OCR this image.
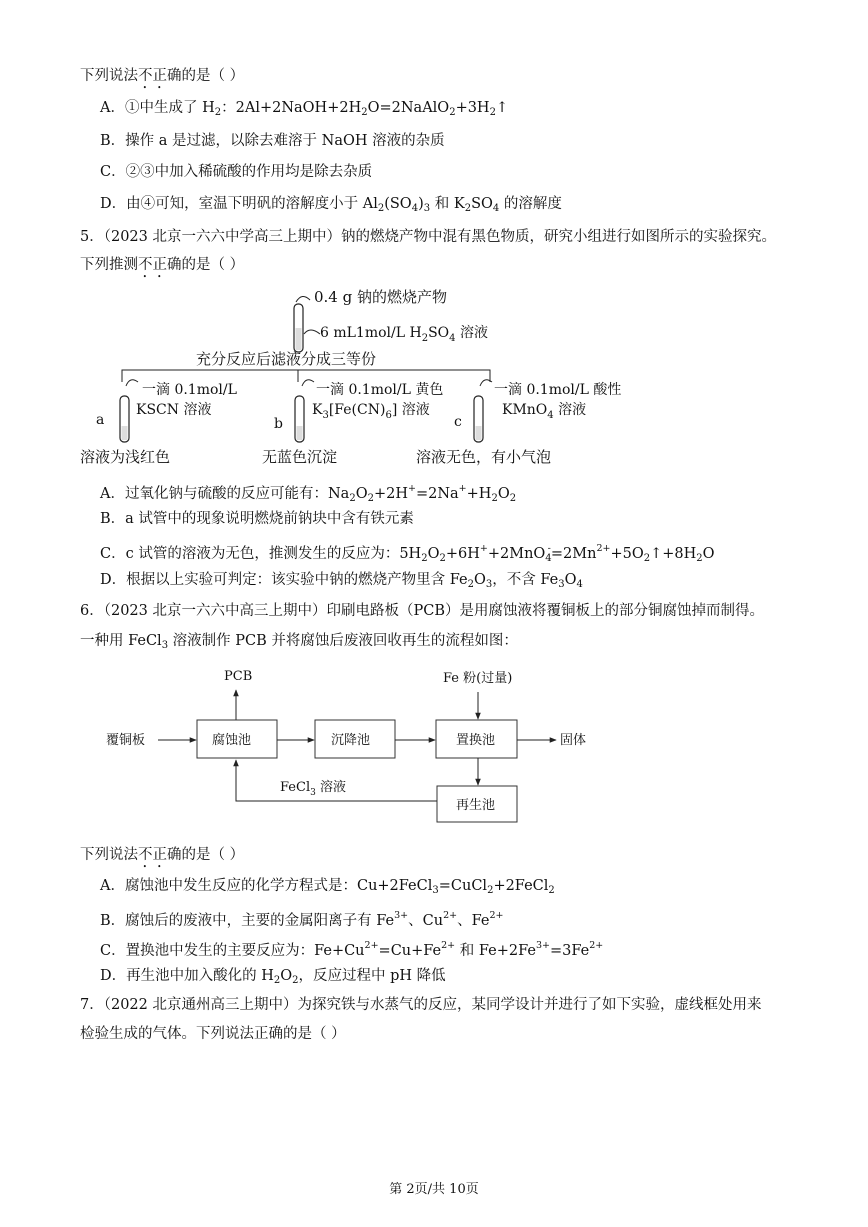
下列说法不正确的是（ ）
A．①中生成了 $H_2$：$2Al+2NaOH+2H_2O=2NaAlO_2+3H_2↑$
B．操作 a 是过滤，以除去难溶于 NaOH 溶液的杂质
C．②③中加入稀硫酸的作用均是除去杂质
D．由④可知，室温下明矾的溶解度小于 $Al_2(SO_4)_3$ 和 $K_2SO_4$ 的溶解度
5．（2023 北京一六六中学高三上期中）钠的燃烧产物中混有黑色物质，研究小组进行如图所示的实验探究。
下列推测不正确的是（ ）
0.4 g 钠的燃烧产物
6 mL1mol/L $H_2SO_4$ 溶液
充分反应后滤液分成三等份
一滴 0.1mol/L
KSCN 溶液
a
溶液为浅红色
一滴 0.1mol/L 黄色
$K_3[Fe(CN)_6]$ 溶液
b
无蓝色沉淀
一滴 0.1mol/L 酸性
KMnO$_4$ 溶液
c
溶液无色，有小气泡
A．过氧化钠与硫酸的反应可能有：$Na_2O_2+2H^+=2Na^++H_2O_2$
B．a 试管中的现象说明燃烧前钠块中含有铁元素
C．c 试管的溶液为无色，推测发生的反应为：$5H_2O_2+6H^++2MnO_4^-=2Mn^{2+}+5O_2↑+8H_2O$
D．根据以上实验可判定：该实验中钠的燃烧产物里含 $Fe_2O_3$，不含 $Fe_3O_4$
6．（2023 北京一六六中高三上期中）印刷电路板（PCB）是用腐蚀液将覆铜板上的部分铜腐蚀掉而制得。
一种用 FeCl$_3$ 溶液制作 PCB 并将腐蚀后废液回收再生的流程如图：
PCB
覆铜板	腐蚀池	沉降池	置换池
Fe 粉(过量)
固体
再生池
FeCl$_3$ 溶液
下列说法不正确的是（ ）
A．腐蚀池中发生反应的化学方程式是：Cu+2FeCl$_3$=CuCl$_2$+2FeCl$_2$
B．腐蚀后的废液中，主要的金属阳离子有 $Fe^{3+}$、$Cu^{2+}$、$Fe^{2+}$
C．置换池中发生的主要反应为：$Fe+Cu^{2+}=Cu+Fe^{2+}$ 和 $Fe+2Fe^{3+}=3Fe^{2+}$
D．再生池中加入酸化的 $H_2O_2$，反应过程中 pH 降低
7．（2022 北京通州高三上期中）为探究铁与水蒸气的反应，某同学设计并进行了如下实验，虚线框处用来
检验生成的气体。下列说法正确的是（ ）
第 2页/共 10页
